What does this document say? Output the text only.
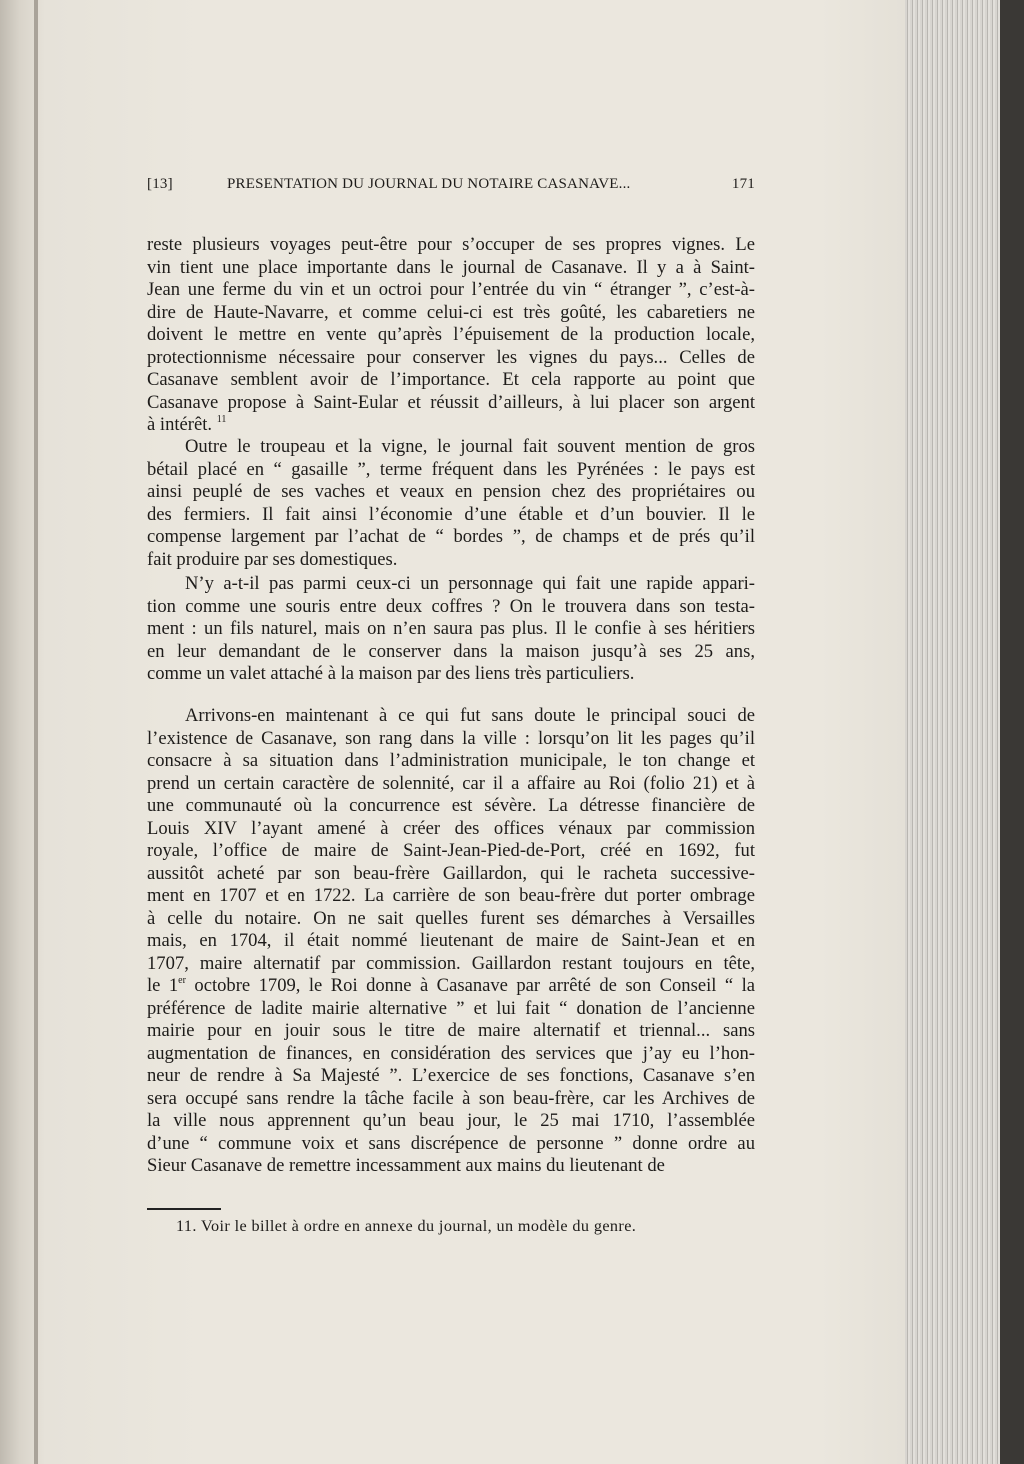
[13]	PRESENTATION DU JOURNAL DU NOTAIRE CASANAVE...	171
reste plusieurs voyages peut-être pour s’occuper de ses propres vignes. Le
vin tient une place importante dans le journal de Casanave. Il y a à Saint-
Jean une ferme du vin et un octroi pour l’entrée du vin “ étranger ”, c’est-à-
dire de Haute-Navarre, et comme celui-ci est très goûté, les cabaretiers ne
doivent le mettre en vente qu’après l’épuisement de la production locale,
protectionnisme nécessaire pour conserver les vignes du pays... Celles de
Casanave semblent avoir de l’importance. Et cela rapporte au point que
Casanave propose à Saint-Eular et réussit d’ailleurs, à lui placer son argent
à intérêt. $^{11}$
Outre le troupeau et la vigne, le journal fait souvent mention de gros
bétail placé en “ gasaille ”, terme fréquent dans les Pyrénées : le pays est
ainsi peuplé de ses vaches et veaux en pension chez des propriétaires ou
des fermiers. Il fait ainsi l’économie d’une étable et d’un bouvier. Il le
compense largement par l’achat de “ bordes ”, de champs et de prés qu’il
fait produire par ses domestiques.
N’y a-t-il pas parmi ceux-ci un personnage qui fait une rapide appari-
tion comme une souris entre deux coffres ? On le trouvera dans son testa-
ment : un fils naturel, mais on n’en saura pas plus. Il le confie à ses héritiers
en leur demandant de le conserver dans la maison jusqu’à ses 25 ans,
comme un valet attaché à la maison par des liens très particuliers.
Arrivons-en maintenant à ce qui fut sans doute le principal souci de
l’existence de Casanave, son rang dans la ville : lorsqu’on lit les pages qu’il
consacre à sa situation dans l’administration municipale, le ton change et
prend un certain caractère de solennité, car il a affaire au Roi (folio 21) et à
une communauté où la concurrence est sévère. La détresse financière de
Louis XIV l’ayant amené à créer des offices vénaux par commission
royale, l’office de maire de Saint-Jean-Pied-de-Port, créé en 1692, fut
aussitôt acheté par son beau-frère Gaillardon, qui le racheta successive-
ment en 1707 et en 1722. La carrière de son beau-frère dut porter ombrage
à celle du notaire. On ne sait quelles furent ses démarches à Versailles
mais, en 1704, il était nommé lieutenant de maire de Saint-Jean et en
1707, maire alternatif par commission. Gaillardon restant toujours en tête,
le 1er octobre 1709, le Roi donne à Casanave par arrêté de son Conseil “ la
préférence de ladite mairie alternative ” et lui fait “ donation de l’ancienne
mairie pour en jouir sous le titre de maire alternatif et triennal... sans
augmentation de finances, en considération des services que j’ay eu l’hon-
neur de rendre à Sa Majesté ”. L’exercice de ses fonctions, Casanave s’en
sera occupé sans rendre la tâche facile à son beau-frère, car les Archives de
la ville nous apprennent qu’un beau jour, le 25 mai 1710, l’assemblée
d’une “ commune voix et sans discrépence de personne ” donne ordre au
Sieur Casanave de remettre incessamment aux mains du lieutenant de
11. Voir le billet à ordre en annexe du journal, un modèle du genre.
